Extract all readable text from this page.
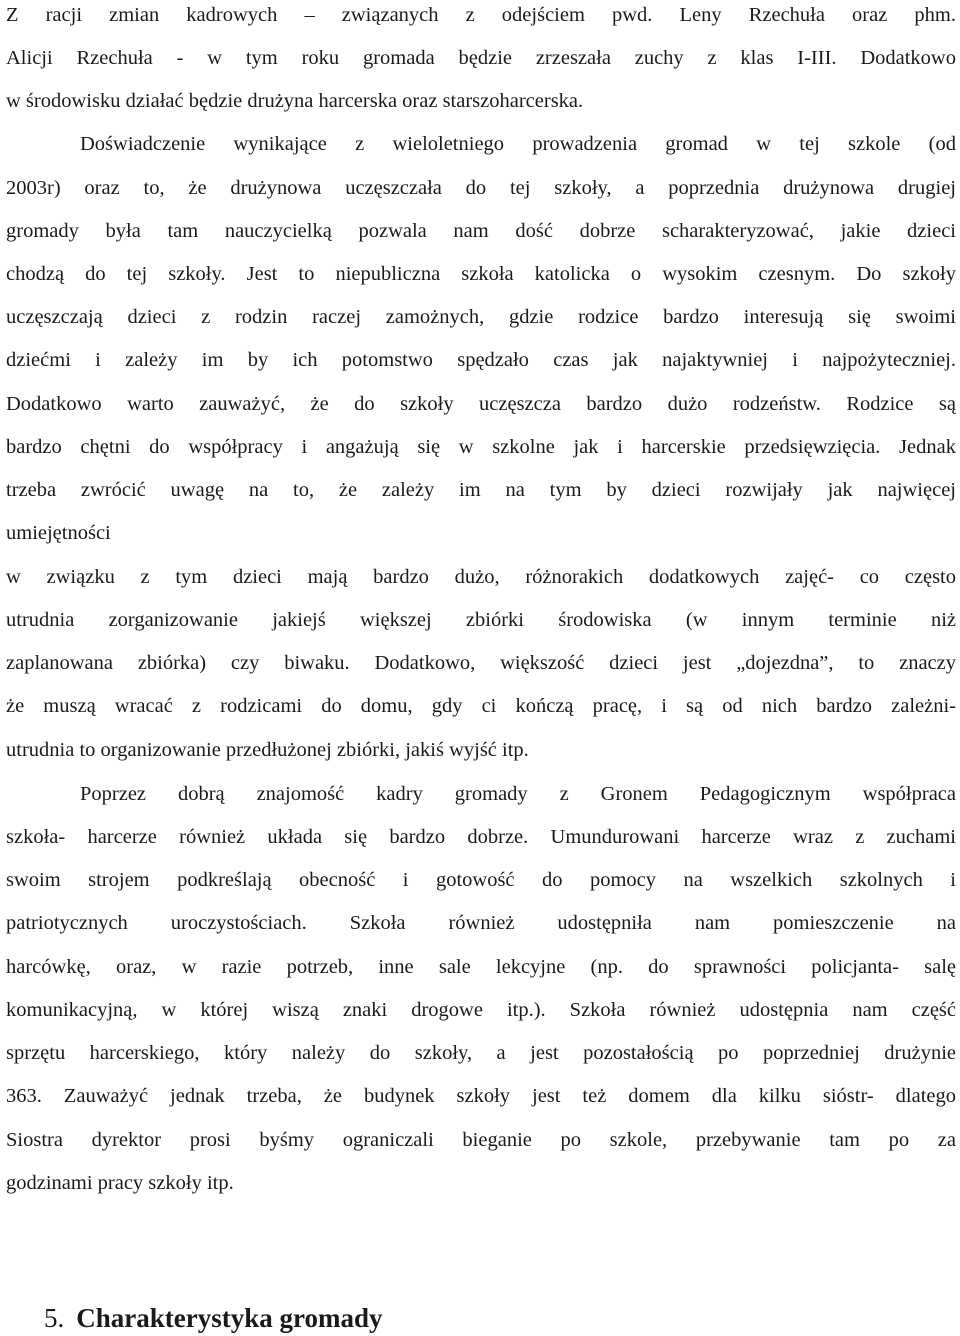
Z racji zmian kadrowych – związanych z odejściem pwd. Leny Rzechuła oraz phm.
Alicji Rzechuła - w tym roku gromada będzie zrzeszała zuchy z klas I-III. Dodatkowo
w środowisku działać będzie drużyna harcerska oraz starszoharcerska.
Doświadczenie wynikające z wieloletniego prowadzenia gromad w tej szkole (od
2003r) oraz to, że drużynowa uczęszczała do tej szkoły, a poprzednia drużynowa drugiej
gromady była tam nauczycielką pozwala nam dość dobrze scharakteryzować, jakie dzieci
chodzą do tej szkoły. Jest to niepubliczna szkoła katolicka o wysokim czesnym. Do szkoły
uczęszczają dzieci z rodzin raczej zamożnych, gdzie rodzice bardzo interesują się swoimi
dziećmi i zależy im by ich potomstwo spędzało czas jak najaktywniej i najpożyteczniej.
Dodatkowo warto zauważyć, że do szkoły uczęszcza bardzo dużo rodzeństw. Rodzice są
bardzo chętni do współpracy i angażują się w szkolne jak i harcerskie przedsięwzięcia. Jednak
trzeba zwrócić uwagę na to, że zależy im na tym by dzieci rozwijały jak najwięcej
umiejętności
w związku z tym dzieci mają bardzo dużo, różnorakich dodatkowych zajęć- co często
utrudnia zorganizowanie jakiejś większej zbiórki środowiska (w innym terminie niż
zaplanowana zbiórka) czy biwaku. Dodatkowo, większość dzieci jest „dojezdna”, to znaczy
że muszą wracać z rodzicami do domu, gdy ci kończą pracę, i są od nich bardzo zależni-
utrudnia to organizowanie przedłużonej zbiórki, jakiś wyjść itp.
Poprzez dobrą znajomość kadry gromady z Gronem Pedagogicznym współpraca
szkoła- harcerze również układa się bardzo dobrze. Umundurowani harcerze wraz z zuchami
swoim strojem podkreślają obecność i gotowość do pomocy na wszelkich szkolnych i
patriotycznych uroczystościach. Szkoła również udostępniła nam pomieszczenie na
harcówkę, oraz, w razie potrzeb, inne sale lekcyjne (np. do sprawności policjanta- salę
komunikacyjną, w której wiszą znaki drogowe itp.). Szkoła również udostępnia nam część
sprzętu harcerskiego, który należy do szkoły, a jest pozostałością po poprzedniej drużynie
363. Zauważyć jednak trzeba, że budynek szkoły jest też domem dla kilku sióstr- dlatego
Siostra dyrektor prosi byśmy ograniczali bieganie po szkole, przebywanie tam po za
godzinami pracy szkoły itp.
5. Charakterystyka gromady
